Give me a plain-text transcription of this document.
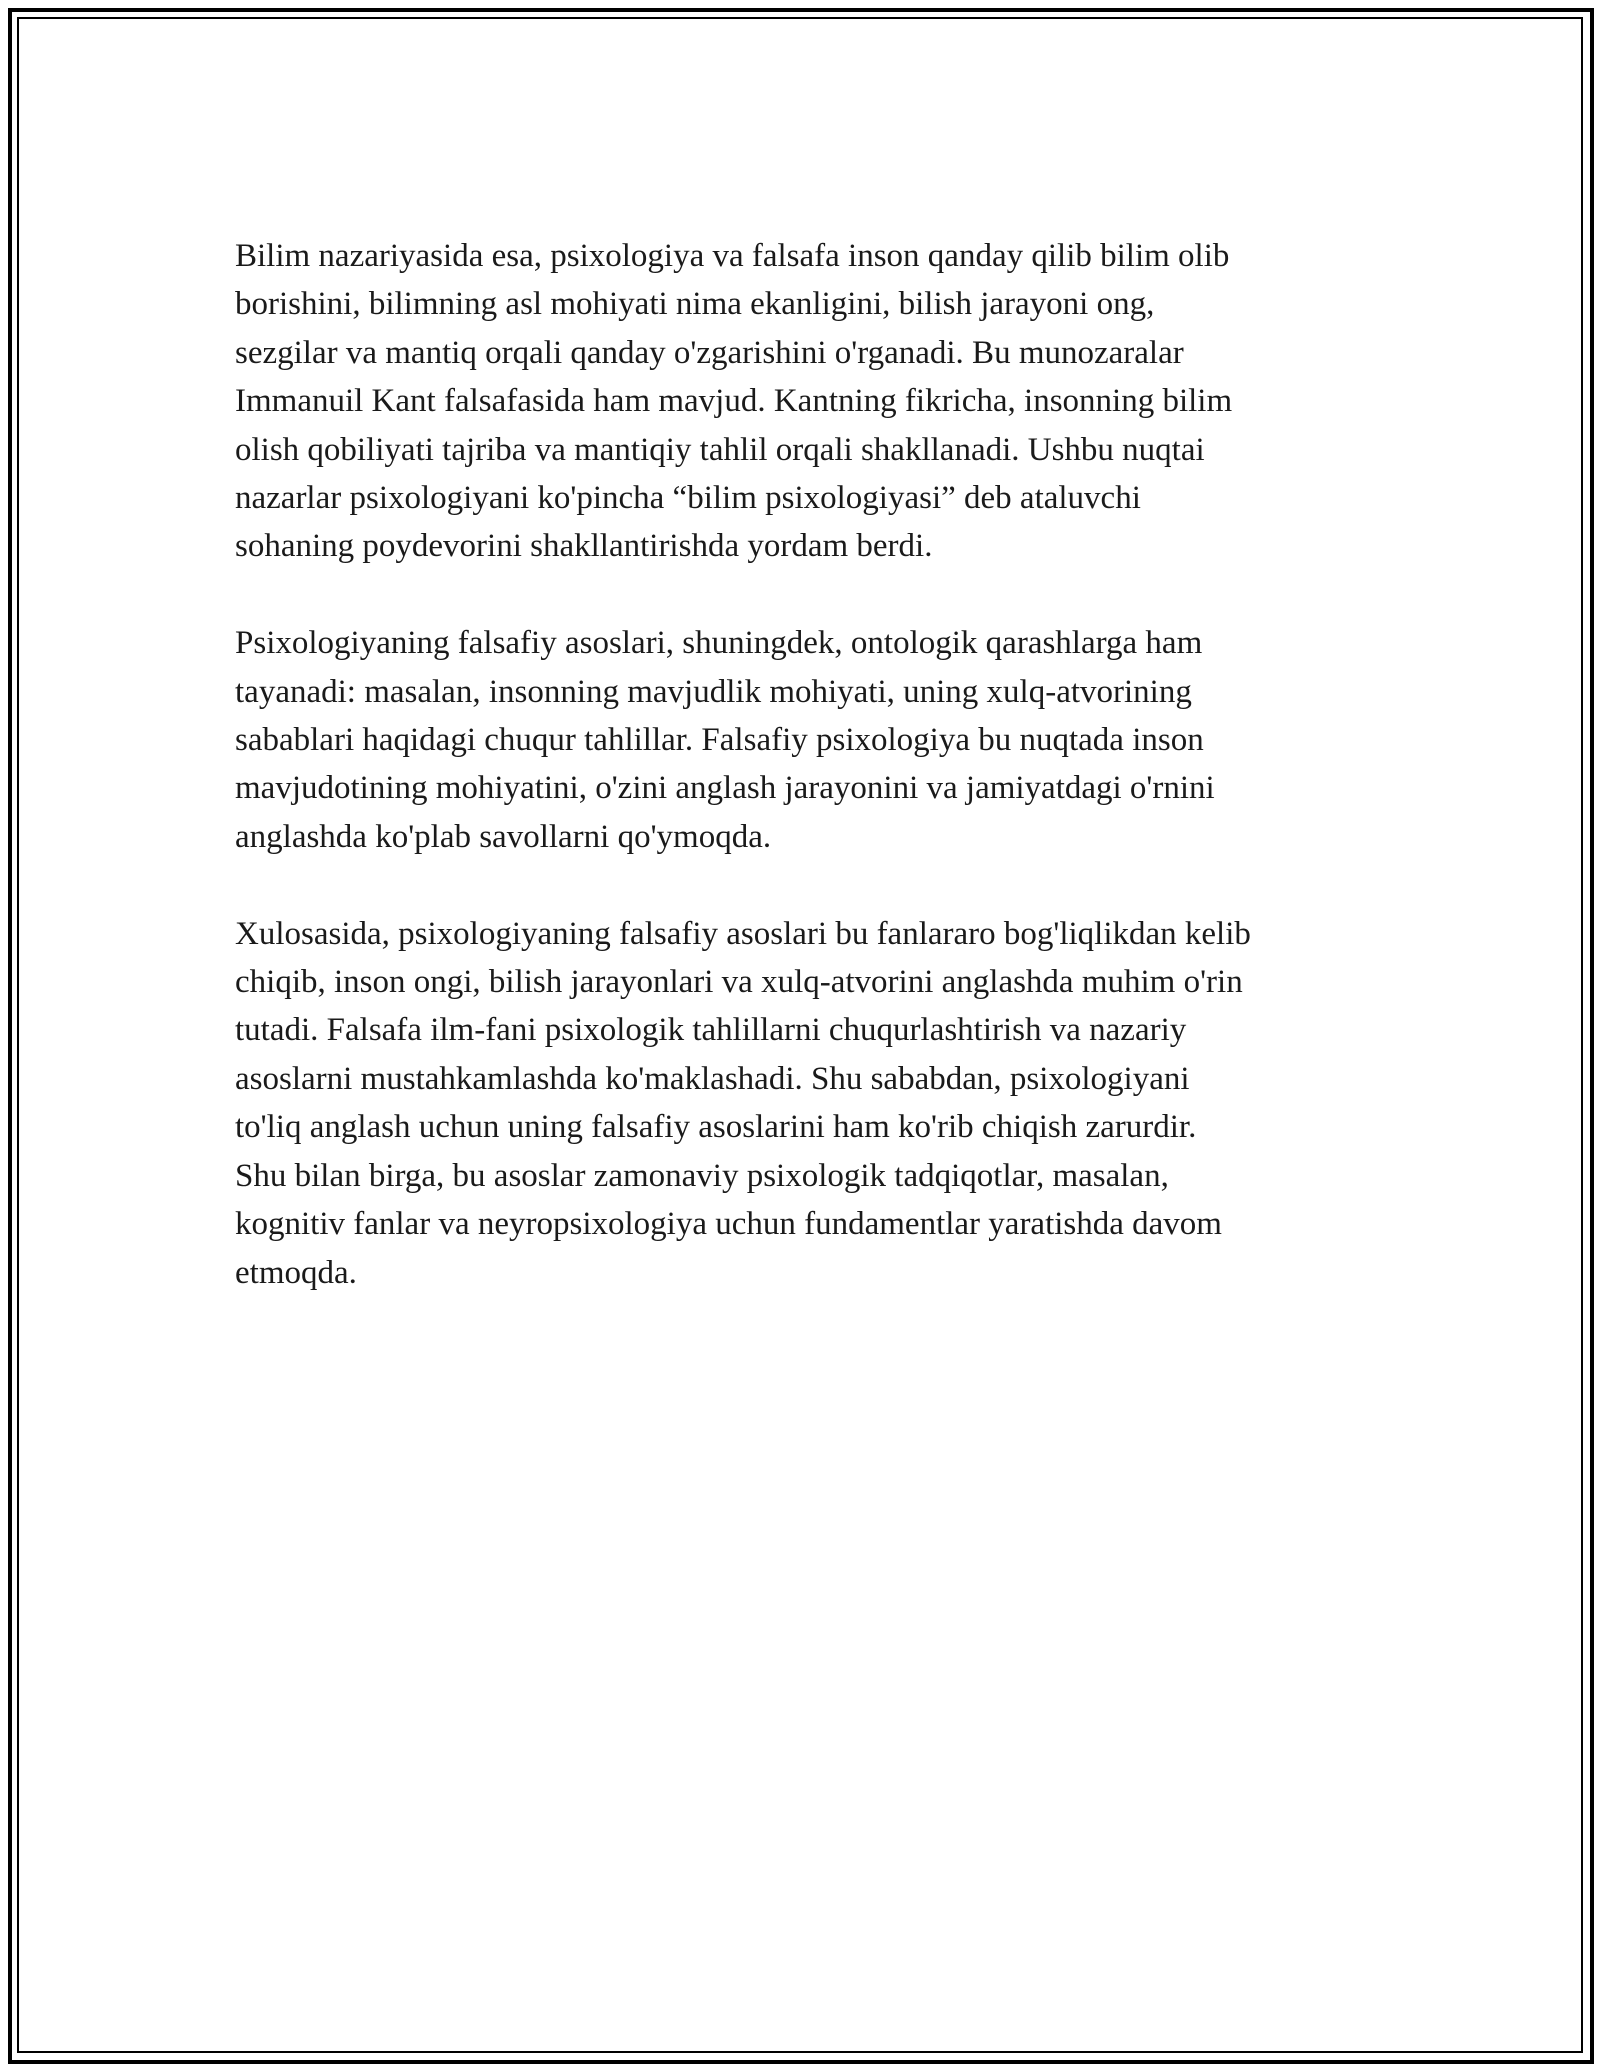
Bilim nazariyasida esa, psixologiya va falsafa inson qanday qilib bilim olib
borishini, bilimning asl mohiyati nima ekanligini, bilish jarayoni ong,
sezgilar va mantiq orqali qanday o'zgarishini o'rganadi. Bu munozaralar
Immanuil Kant falsafasida ham mavjud. Kantning fikricha, insonning bilim
olish qobiliyati tajriba va mantiqiy tahlil orqali shakllanadi. Ushbu nuqtai
nazarlar psixologiyani ko'pincha “bilim psixologiyasi” deb ataluvchi
sohaning poydevorini shakllantirishda yordam berdi.

Psixologiyaning falsafiy asoslari, shuningdek, ontologik qarashlarga ham
tayanadi: masalan, insonning mavjudlik mohiyati, uning xulq-atvorining
sabablari haqidagi chuqur tahlillar. Falsafiy psixologiya bu nuqtada inson
mavjudotining mohiyatini, o'zini anglash jarayonini va jamiyatdagi o'rnini
anglashda ko'plab savollarni qo'ymoqda.

Xulosasida, psixologiyaning falsafiy asoslari bu fanlararo bog'liqlikdan kelib
chiqib, inson ongi, bilish jarayonlari va xulq-atvorini anglashda muhim o'rin
tutadi. Falsafa ilm-fani psixologik tahlillarni chuqurlashtirish va nazariy
asoslarni mustahkamlashda ko'maklashadi. Shu sababdan, psixologiyani
to'liq anglash uchun uning falsafiy asoslarini ham ko'rib chiqish zarurdir.
Shu bilan birga, bu asoslar zamonaviy psixologik tadqiqotlar, masalan,
kognitiv fanlar va neyropsixologiya uchun fundamentlar yaratishda davom
etmoqda.
